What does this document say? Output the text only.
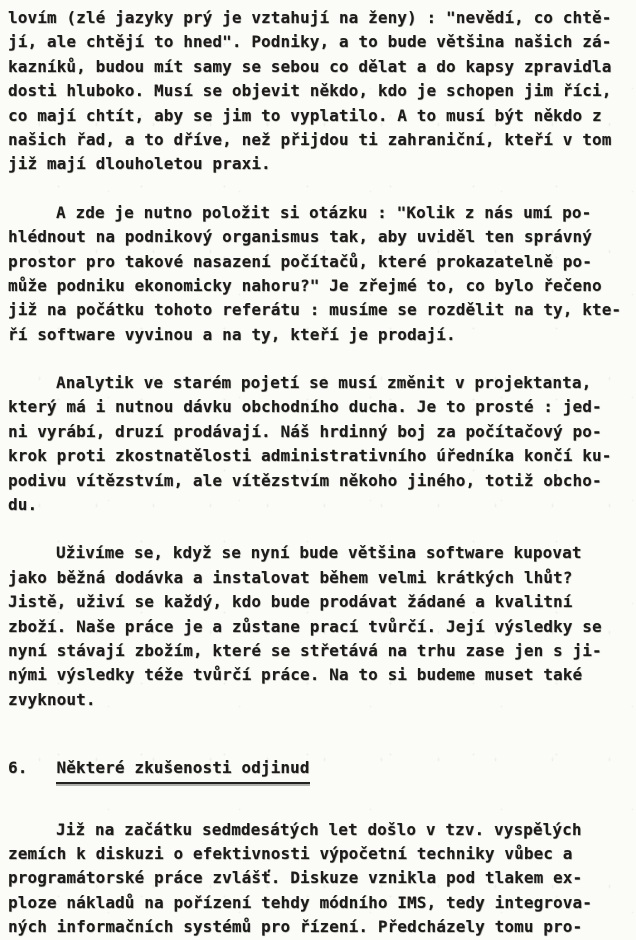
lovím (zlé jazyky prý je vztahují na ženy) : "nevědí, co chtě-
jí, ale chtějí to hned". Podniky, a to bude většina našich zá-
kazníků, budou mít samy se sebou co dělat a do kapsy zpravidla
dosti hluboko. Musí se objevit někdo, kdo je schopen jim říci,
co mají chtít, aby se jim to vyplatilo. A to musí být někdo z
našich řad, a to dříve, než přijdou ti zahraniční, kteří v tom
již mají dlouholetou praxi.
A zde je nutno položit si otázku : "Kolik z nás umí po-
hlédnout na podnikový organismus tak, aby uviděl ten správný
prostor pro takové nasazení počítačů, které prokazatelně po-
může podniku ekonomicky nahoru?" Je zřejmé to, co bylo řečeno
již na počátku tohoto referátu : musíme se rozdělit na ty, kte-
ří software vyvinou a na ty, kteří je prodají.
Analytik ve starém pojetí se musí změnit v projektanta,
který má i nutnou dávku obchodního ducha. Je to prosté : jed-
ni vyrábí, druzí prodávají. Náš hrdinný boj za počítačový po-
krok proti zkostnatělosti administrativního úředníka končí ku-
podivu vítězstvím, ale vítězstvím někoho jiného, totiž obcho-
du.
Uživíme se, když se nyní bude většina software kupovat
jako běžná dodávka a instalovat během velmi krátkých lhůt?
Jistě, uživí se každý, kdo bude prodávat žádané a kvalitní
zboží. Naše práce je a zůstane prací tvůrčí. Její výsledky se
nyní stávají zbožím, které se střetává na trhu zase jen s ji-
nými výsledky téže tvůrčí práce. Na to si budeme muset také
zvyknout.
6. Některé zkušenosti odjinud
Již na začátku sedmdesátých let došlo v tzv. vyspělých
zemích k diskuzi o efektivnosti výpočetní techniky vůbec a
programátorské práce zvlášť. Diskuze vznikla pod tlakem ex-
ploze nákladů na pořízení tehdy módního IMS, tedy integrova-
ných informačních systémů pro řízení. Předcházely tomu pro-
